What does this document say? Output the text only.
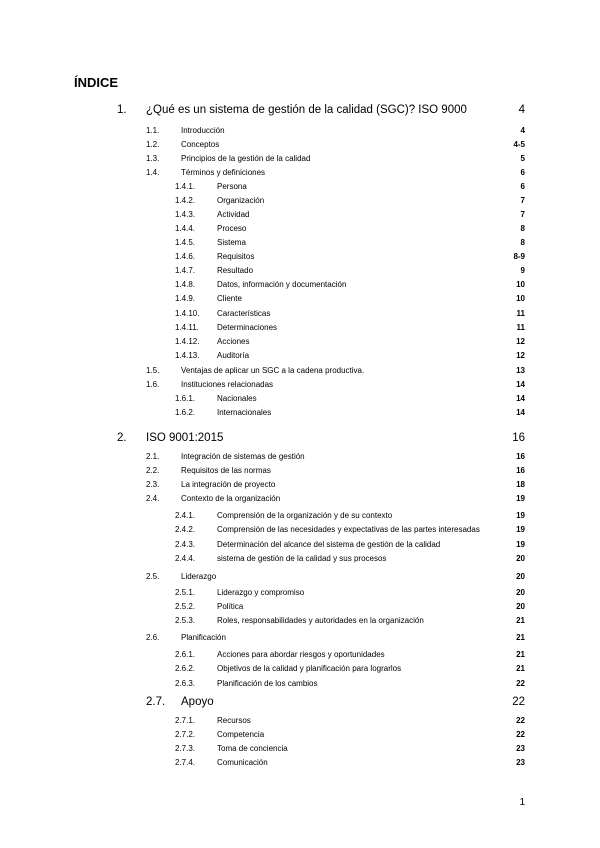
ÍNDICE
1. ¿Qué es un sistema de gestión de la calidad (SGC)? ISO 9000	4
1.1.	Introducción	4
1.2.	Conceptos	4-5
1.3.	Principios de la gestión de la calidad	5
1.4.	Términos y definiciones	6
1.4.1.	Persona	6
1.4.2.	Organización	7
1.4.3.	Actividad	7
1.4.4.	Proceso	8
1.4.5.	Sistema	8
1.4.6.	Requisitos	8-9
1.4.7.	Resultado	9
1.4.8.	Datos, información y documentación	10
1.4.9.	Cliente	10
1.4.10. Características	11
1.4.11. Determinaciones	11
1.4.12. Acciones	12
1.4.13. Auditoría	12
1.5.	Ventajas de aplicar un SGC a la cadena productiva.	13
1.6.	Instituciones relacionadas	14
1.6.1.	Nacionales	14
1.6.2.	Internacionales	14
2. ISO 9001:2015	16
2.1.	Integración de sistemas de gestión	16
2.2.	Requisitos de las normas	16
2.3.	La integración de proyecto	18
2.4.	Contexto de la organización	19
2.4.1.	Comprensión de la organización y de su contexto	19
2.4.2.	Comprensión de las necesidades y expectativas de las partes interesadas	19
2.4.3.	Determinación del alcance del sistema de gestión de la calidad	19
2.4.4.	sistema de gestión de la calidad y sus procesos	20
2.5.	Liderazgo	20
2.5.1.	Liderazgo y compromiso	20
2.5.2.	Política	20
2.5.3.	Roles, responsabilidades y autoridades en la organización	21
2.6.	Planificación	21
2.6.1.	Acciones para abordar riesgos y oportunidades	21
2.6.2.	Objetivos de la calidad y planificación para lograrlos	21
2.6.3.	Planificación de los cambios	22
2.7. Apoyo	22
2.7.1.	Recursos	22
2.7.2.	Competencia	22
2.7.3.	Toma de conciencia	23
2.7.4.	Comunicación	23
1
